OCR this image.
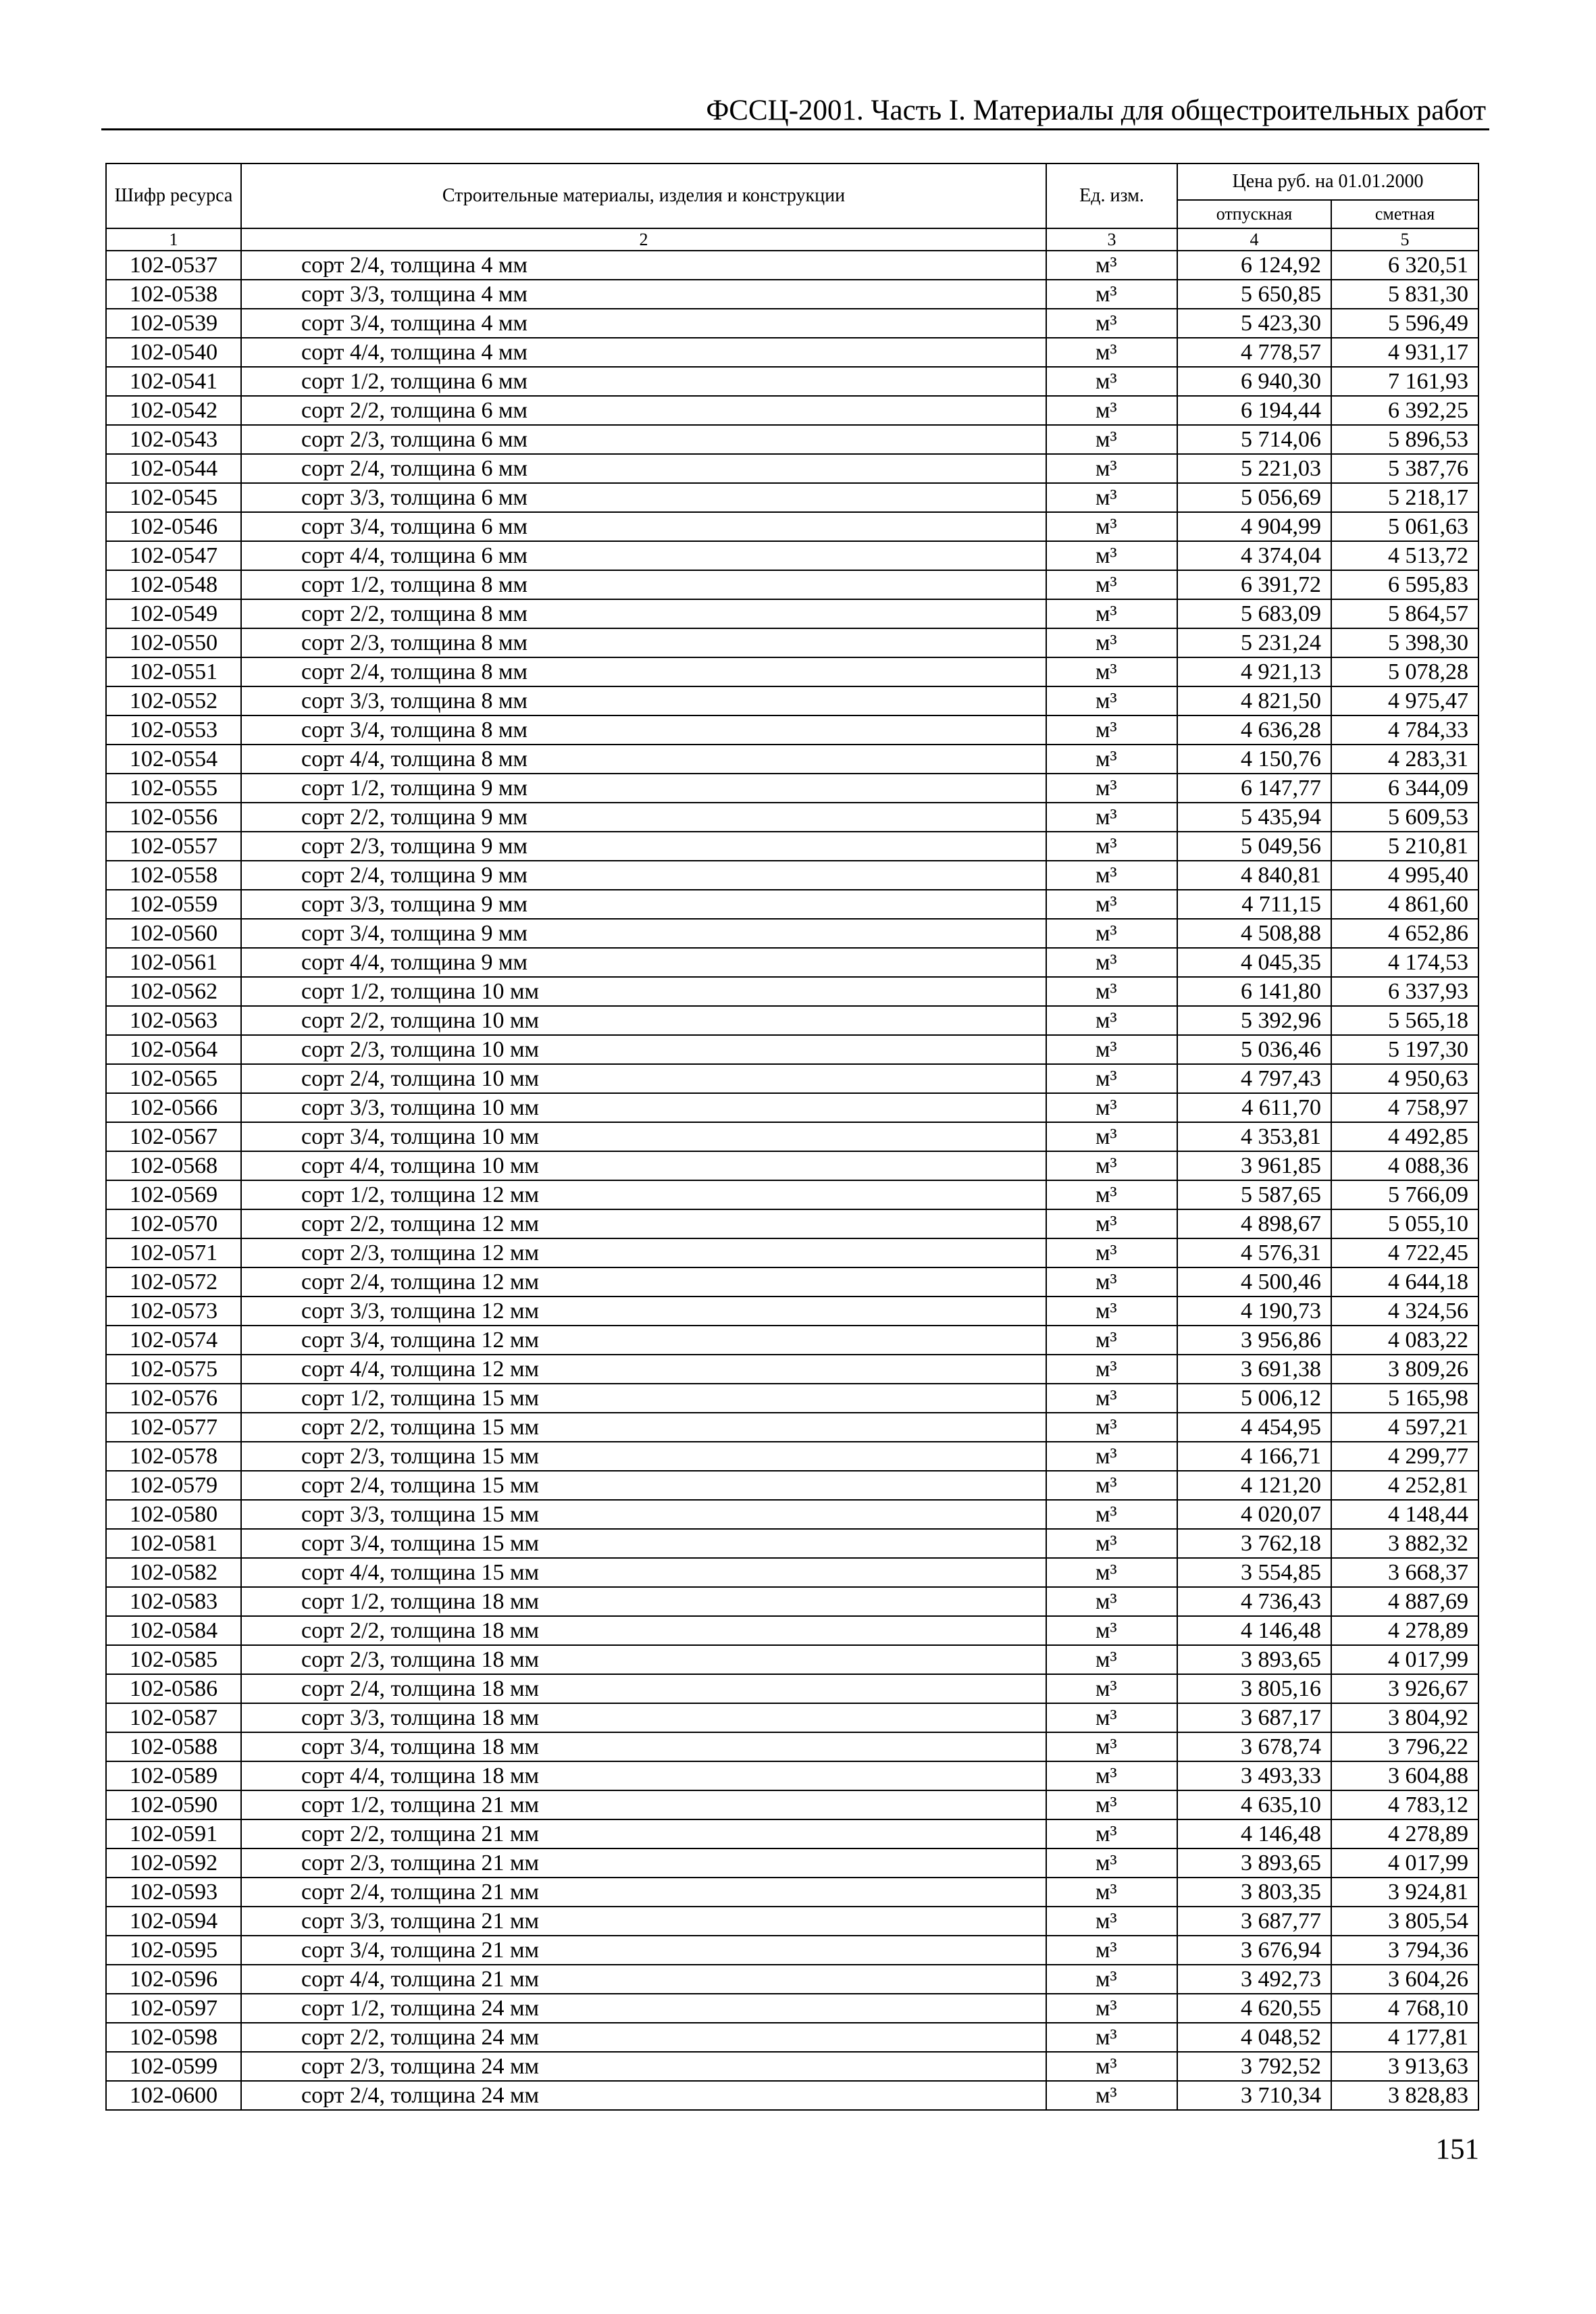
ФССЦ-2001. Часть I. Материалы для общестроительных работ
Шифр ресурса	Строительные материалы, изделия и конструкции	Ед. изм.	Цена руб. на 01.01.2000	
			отпускная	сметная
1	2	3	4	5
102-0537	сорт 2/4, толщина 4 мм	м³	6 124,92	6 320,51
102-0538	сорт 3/3, толщина 4 мм	м³	5 650,85	5 831,30
102-0539	сорт 3/4, толщина 4 мм	м³	5 423,30	5 596,49
102-0540	сорт 4/4, толщина 4 мм	м³	4 778,57	4 931,17
102-0541	сорт 1/2, толщина 6 мм	м³	6 940,30	7 161,93
102-0542	сорт 2/2, толщина 6 мм	м³	6 194,44	6 392,25
102-0543	сорт 2/3, толщина 6 мм	м³	5 714,06	5 896,53
102-0544	сорт 2/4, толщина 6 мм	м³	5 221,03	5 387,76
102-0545	сорт 3/3, толщина 6 мм	м³	5 056,69	5 218,17
102-0546	сорт 3/4, толщина 6 мм	м³	4 904,99	5 061,63
102-0547	сорт 4/4, толщина 6 мм	м³	4 374,04	4 513,72
102-0548	сорт 1/2, толщина 8 мм	м³	6 391,72	6 595,83
102-0549	сорт 2/2, толщина 8 мм	м³	5 683,09	5 864,57
102-0550	сорт 2/3, толщина 8 мм	м³	5 231,24	5 398,30
102-0551	сорт 2/4, толщина 8 мм	м³	4 921,13	5 078,28
102-0552	сорт 3/3, толщина 8 мм	м³	4 821,50	4 975,47
102-0553	сорт 3/4, толщина 8 мм	м³	4 636,28	4 784,33
102-0554	сорт 4/4, толщина 8 мм	м³	4 150,76	4 283,31
102-0555	сорт 1/2, толщина 9 мм	м³	6 147,77	6 344,09
102-0556	сорт 2/2, толщина 9 мм	м³	5 435,94	5 609,53
102-0557	сорт 2/3, толщина 9 мм	м³	5 049,56	5 210,81
102-0558	сорт 2/4, толщина 9 мм	м³	4 840,81	4 995,40
102-0559	сорт 3/3, толщина 9 мм	м³	4 711,15	4 861,60
102-0560	сорт 3/4, толщина 9 мм	м³	4 508,88	4 652,86
102-0561	сорт 4/4, толщина 9 мм	м³	4 045,35	4 174,53
102-0562	сорт 1/2, толщина 10 мм	м³	6 141,80	6 337,93
102-0563	сорт 2/2, толщина 10 мм	м³	5 392,96	5 565,18
102-0564	сорт 2/3, толщина 10 мм	м³	5 036,46	5 197,30
102-0565	сорт 2/4, толщина 10 мм	м³	4 797,43	4 950,63
102-0566	сорт 3/3, толщина 10 мм	м³	4 611,70	4 758,97
102-0567	сорт 3/4, толщина 10 мм	м³	4 353,81	4 492,85
102-0568	сорт 4/4, толщина 10 мм	м³	3 961,85	4 088,36
102-0569	сорт 1/2, толщина 12 мм	м³	5 587,65	5 766,09
102-0570	сорт 2/2, толщина 12 мм	м³	4 898,67	5 055,10
102-0571	сорт 2/3, толщина 12 мм	м³	4 576,31	4 722,45
102-0572	сорт 2/4, толщина 12 мм	м³	4 500,46	4 644,18
102-0573	сорт 3/3, толщина 12 мм	м³	4 190,73	4 324,56
102-0574	сорт 3/4, толщина 12 мм	м³	3 956,86	4 083,22
102-0575	сорт 4/4, толщина 12 мм	м³	3 691,38	3 809,26
102-0576	сорт 1/2, толщина 15 мм	м³	5 006,12	5 165,98
102-0577	сорт 2/2, толщина 15 мм	м³	4 454,95	4 597,21
102-0578	сорт 2/3, толщина 15 мм	м³	4 166,71	4 299,77
102-0579	сорт 2/4, толщина 15 мм	м³	4 121,20	4 252,81
102-0580	сорт 3/3, толщина 15 мм	м³	4 020,07	4 148,44
102-0581	сорт 3/4, толщина 15 мм	м³	3 762,18	3 882,32
102-0582	сорт 4/4, толщина 15 мм	м³	3 554,85	3 668,37
102-0583	сорт 1/2, толщина 18 мм	м³	4 736,43	4 887,69
102-0584	сорт 2/2, толщина 18 мм	м³	4 146,48	4 278,89
102-0585	сорт 2/3, толщина 18 мм	м³	3 893,65	4 017,99
102-0586	сорт 2/4, толщина 18 мм	м³	3 805,16	3 926,67
102-0587	сорт 3/3, толщина 18 мм	м³	3 687,17	3 804,92
102-0588	сорт 3/4, толщина 18 мм	м³	3 678,74	3 796,22
102-0589	сорт 4/4, толщина 18 мм	м³	3 493,33	3 604,88
102-0590	сорт 1/2, толщина 21 мм	м³	4 635,10	4 783,12
102-0591	сорт 2/2, толщина 21 мм	м³	4 146,48	4 278,89
102-0592	сорт 2/3, толщина 21 мм	м³	3 893,65	4 017,99
102-0593	сорт 2/4, толщина 21 мм	м³	3 803,35	3 924,81
102-0594	сорт 3/3, толщина 21 мм	м³	3 687,77	3 805,54
102-0595	сорт 3/4, толщина 21 мм	м³	3 676,94	3 794,36
102-0596	сорт 4/4, толщина 21 мм	м³	3 492,73	3 604,26
102-0597	сорт 1/2, толщина 24 мм	м³	4 620,55	4 768,10
102-0598	сорт 2/2, толщина 24 мм	м³	4 048,52	4 177,81
102-0599	сорт 2/3, толщина 24 мм	м³	3 792,52	3 913,63
102-0600	сорт 2/4, толщина 24 мм	м³	3 710,34	3 828,83
151
